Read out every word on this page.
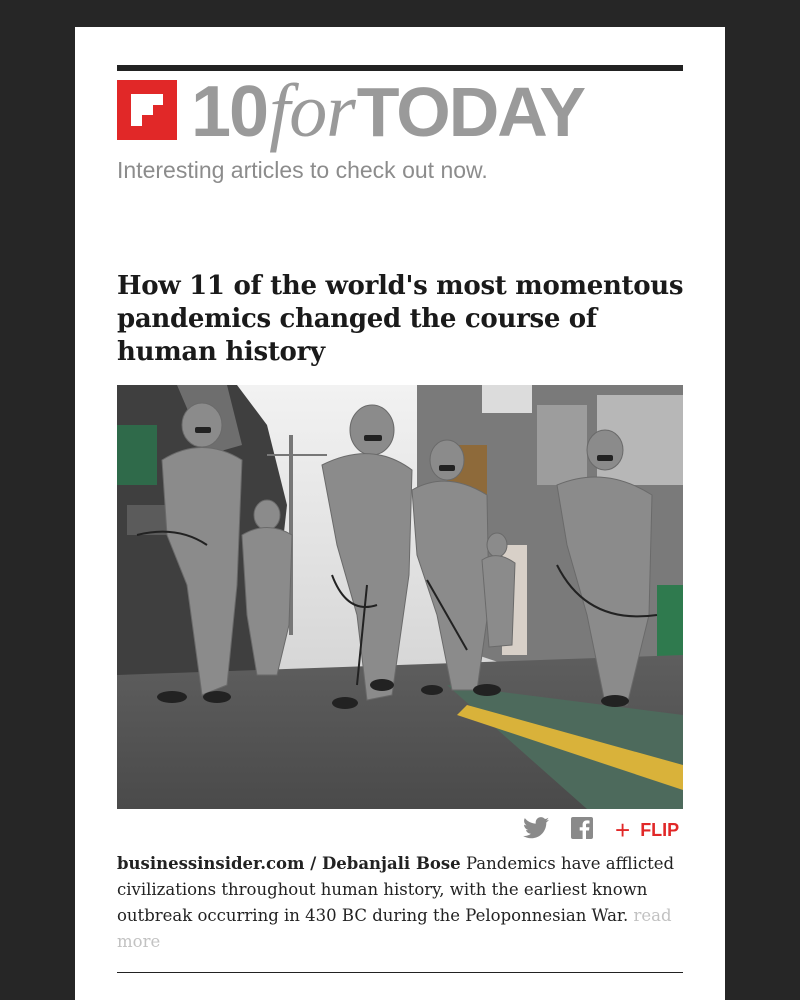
10forTODAY
Interesting articles to check out now.
How 11 of the world's most momentous pandemics changed the course of human history
+ FLIP

businessinsider.com / Debanjali Bose Pandemics have afflicted civilizations throughout human history, with the earliest known outbreak occurring in 430 BC during the Peloponnesian War. read more
